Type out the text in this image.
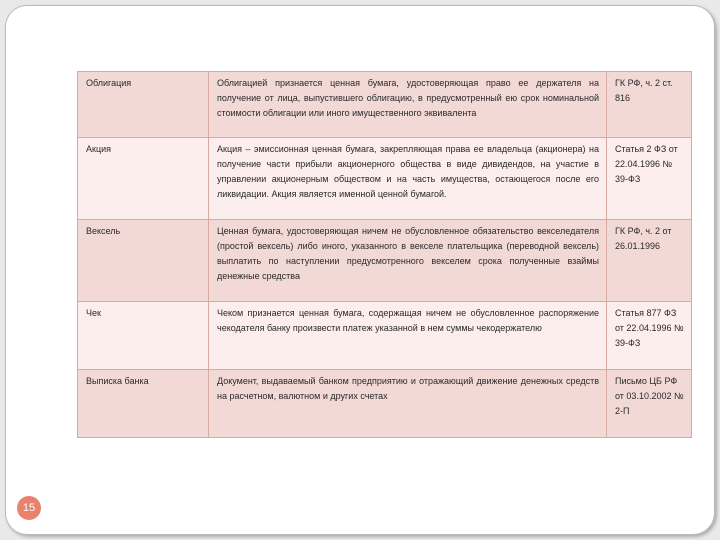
Облигация	Облигацией признается ценная бумага, удостоверяющая право ее держателя на получение от лица, выпустившего облигацию, в предусмотренный ею срок номинальной стоимости облигации или иного имущественного эквивалента	ГК РФ, ч. 2 ст. 816
Акция	Акция – эмиссионная ценная бумага, закрепляющая права ее владельца (акционера) на получение части прибыли акционерного общества в виде дивидендов, на участие в управлении акционерным обществом и на часть имущества, остающегося после его ликвидации. Акция является именной ценной бумагой.	Статья 2 ФЗ от 22.04.1996 № 39-ФЗ
Вексель	Ценная бумага, удостоверяющая ничем не обусловленное обязательство векселедателя (простой вексель) либо иного, указанного в векселе плательщика (переводной вексель) выплатить по наступлении предусмотренного векселем срока полученные взаймы денежные средства	ГК РФ, ч. 2 от 26.01.1996
Чек	Чеком признается ценная бумага, содержащая ничем не обусловленное распоряжение чекодателя банку произвести платеж указанной в нем суммы чекодержателю	Статья 877 ФЗ от 22.04.1996 № 39-ФЗ
Выписка банка	Документ, выдаваемый банком предприятию и отражающий движение денежных средств на расчетном, валютном и других счетах	Письмо ЦБ РФ от 03.10.2002 № 2-П
15
